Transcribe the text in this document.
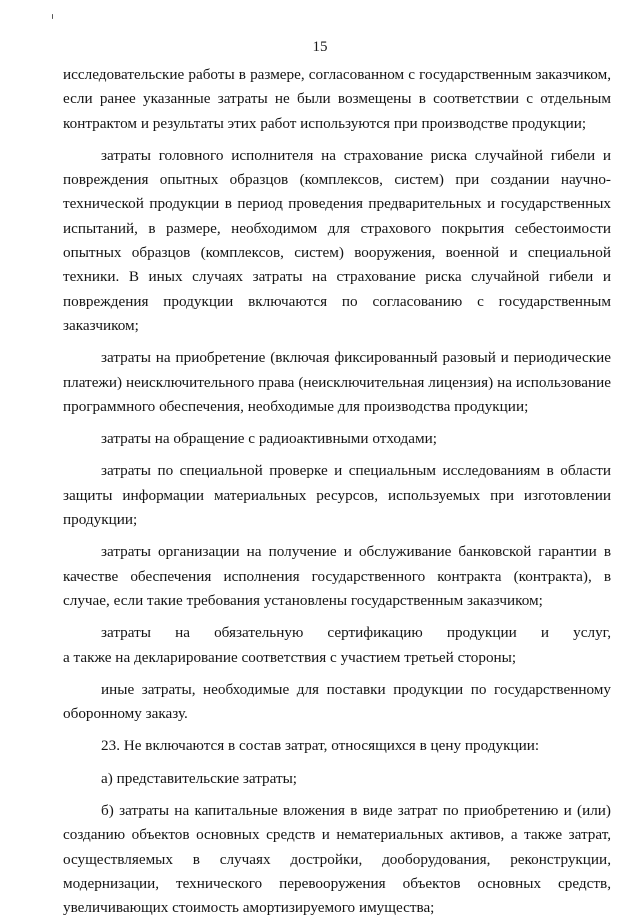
15

исследовательские работы в размере, согласованном с государственным заказчиком, если ранее указанные затраты не были возмещены в соответствии с отдельным контрактом и результаты этих работ используются при производстве продукции;

затраты головного исполнителя на страхование риска случайной гибели и повреждения опытных образцов (комплексов, систем) при создании научно-технической продукции в период проведения предварительных и государственных испытаний, в размере, необходимом для страхового покрытия себестоимости опытных образцов (комплексов, систем) вооружения, военной и специальной техники. В иных случаях затраты на страхование риска случайной гибели и повреждения продукции включаются по согласованию с государственным заказчиком;

затраты на приобретение (включая фиксированный разовый и периодические платежи) неисключительного права (неисключительная лицензия) на использование программного обеспечения, необходимые для производства продукции;

затраты на обращение с радиоактивными отходами;

затраты по специальной проверке и специальным исследованиям в области защиты информации материальных ресурсов, используемых при изготовлении продукции;

затраты организации на получение и обслуживание банковской гарантии в качестве обеспечения исполнения государственного контракта (контракта), в случае, если такие требования установлены государственным заказчиком;

затраты на обязательную сертификацию продукции и услуг,

а также на декларирование соответствия с участием третьей стороны;

иные затраты, необходимые для поставки продукции по государственному оборонному заказу.

23. Не включаются в состав затрат, относящихся в цену продукции:

а) представительские затраты;

б) затраты на капитальные вложения в виде затрат по приобретению и (или) созданию объектов основных средств и нематериальных активов, а также затрат, осуществляемых в случаях достройки, дооборудования, реконструкции, модернизации, технического перевооружения объектов основных средств, увеличивающих стоимость амортизируемого имущества;
